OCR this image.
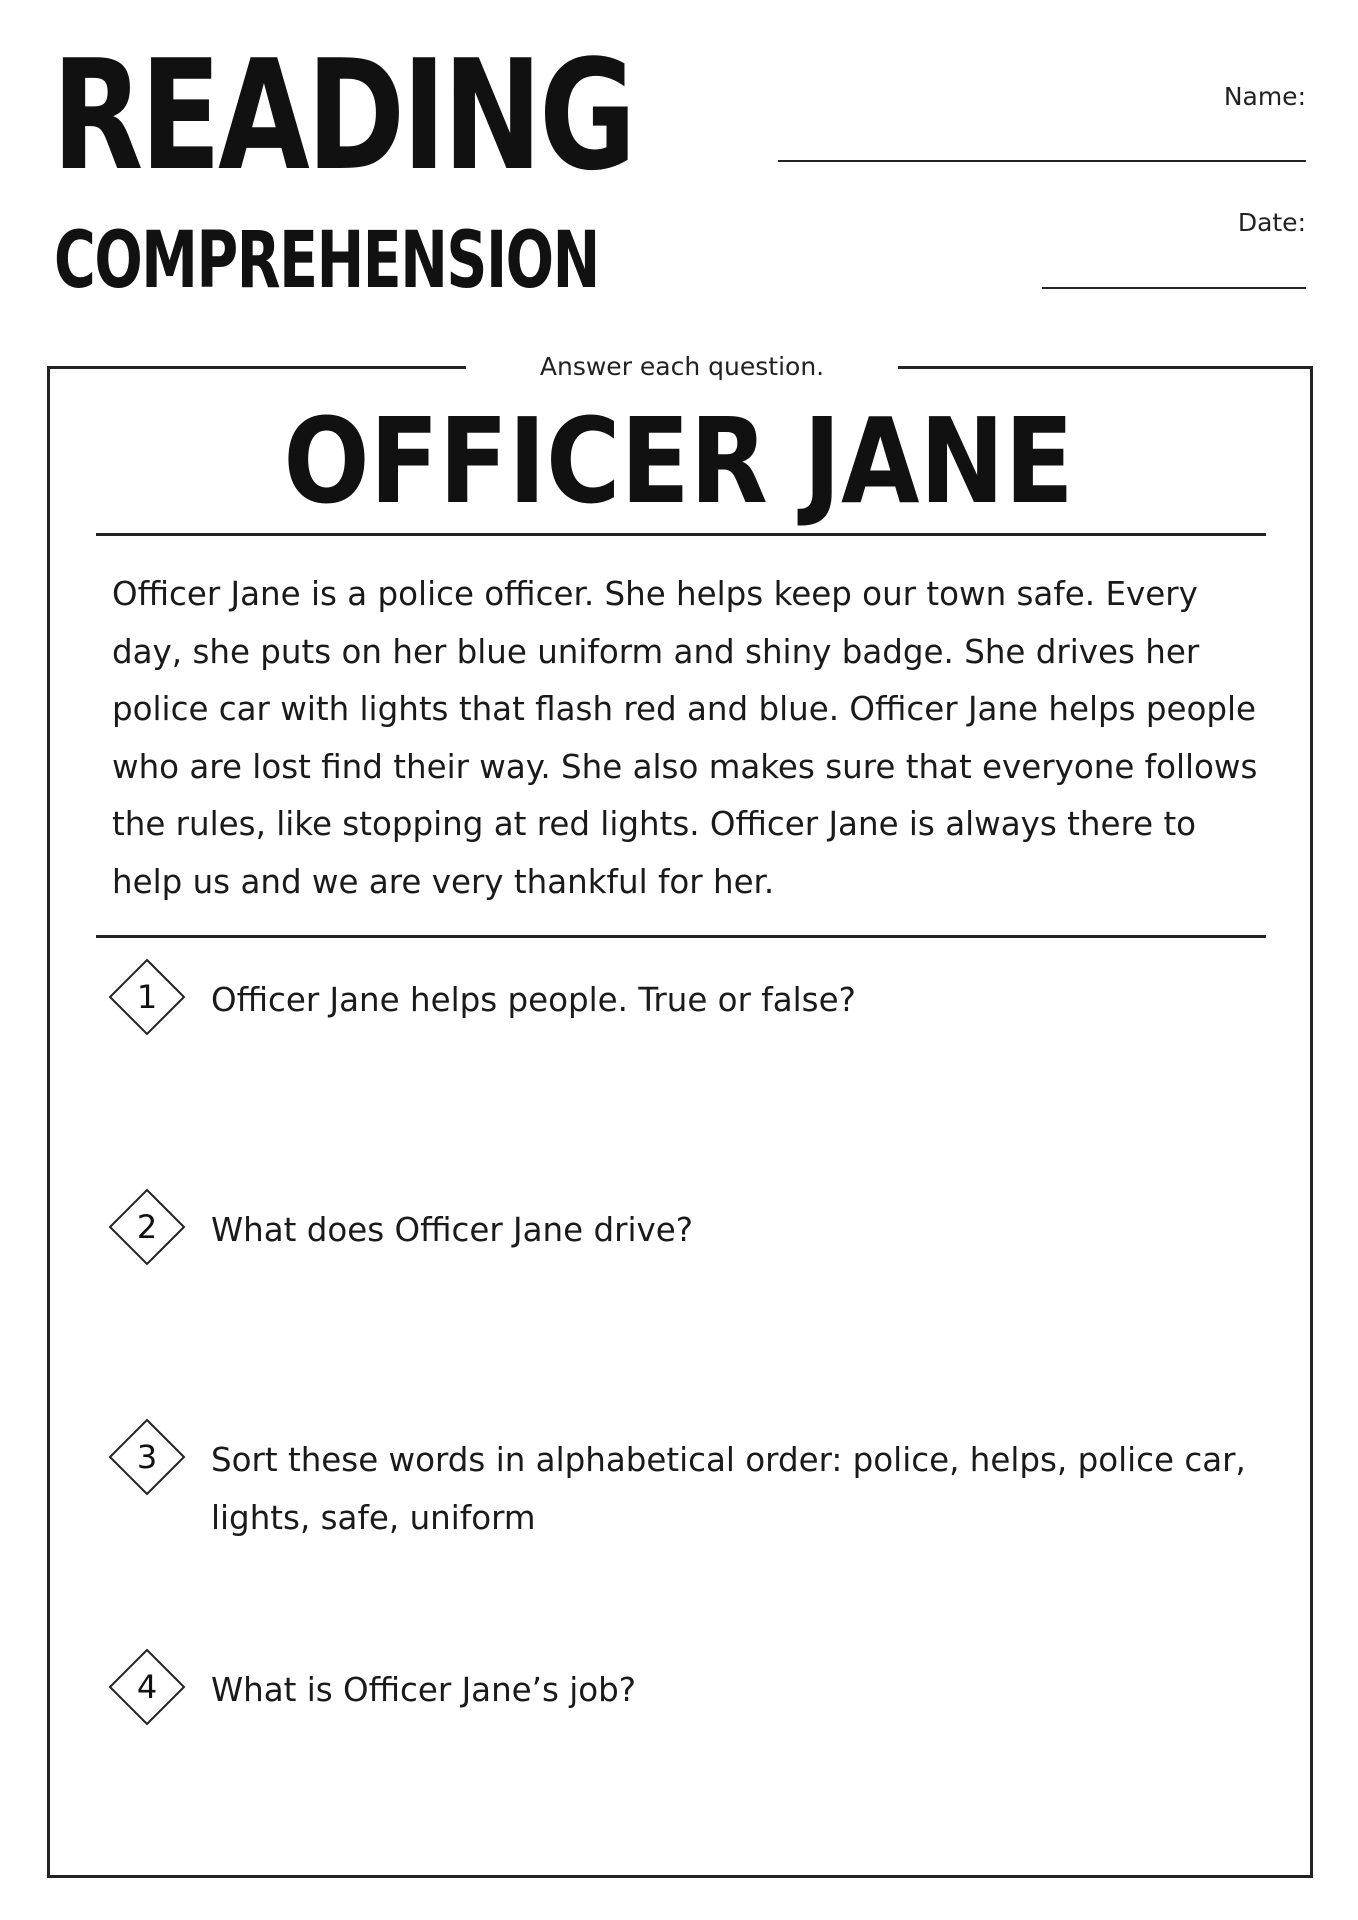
READING
COMPREHENSION
Name:
Date:
Answer each question.
OFFICER JANE

Officer Jane is a police officer. She helps keep our town safe. Every day, she puts on her blue uniform and shiny badge. She drives her police car with lights that flash red and blue. Officer Jane helps people who are lost find their way. She also makes sure that everyone follows the rules, like stopping at red lights. Officer Jane is always there to help us and we are very thankful for her.

1	Officer Jane helps people. True or false?
2	What does Officer Jane drive?
3	Sort these words in alphabetical order: police, helps, police car, lights, safe, uniform
4	What is Officer Jane’s job?
